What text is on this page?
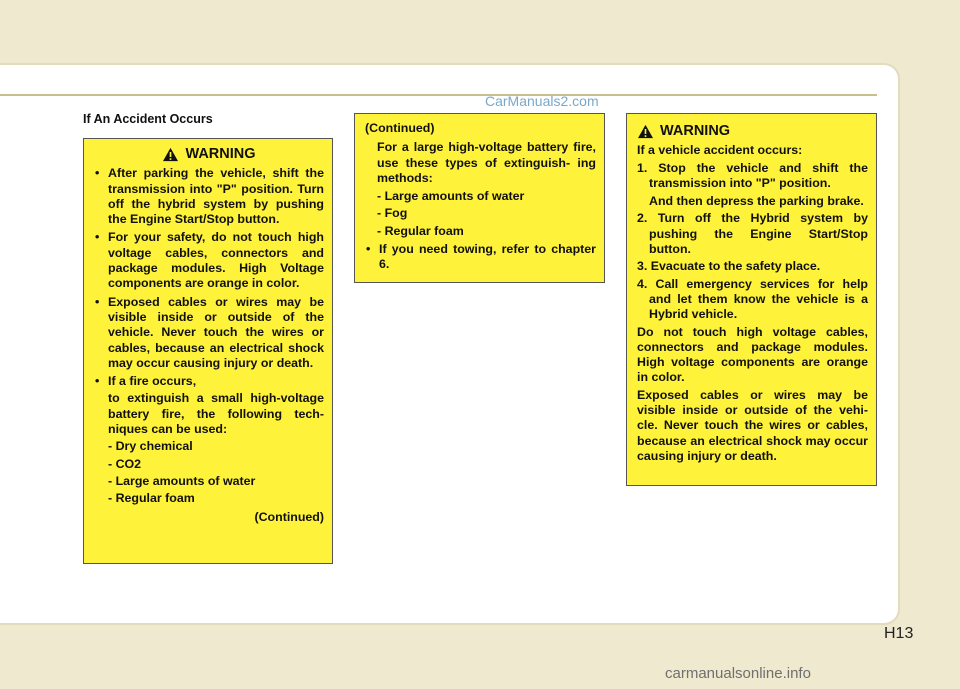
CarManuals2.com
If An Accident Occurs
WARNING
• After parking the vehicle, shift the transmission into "P" position. Turn off the hybrid system by pushing the Engine Start/Stop button.
• For your safety, do not touch high voltage cables, connectors and package modules. High Voltage components are orange in color.
• Exposed cables or wires may be visible inside or outside of the vehicle. Never touch the wires or cables, because an electrical shock may occur causing injury or death.
• If a fire occurs,
to extinguish a small high-voltage battery fire, the following tech- niques can be used:
- Dry chemical
- CO2
- Large amounts of water
- Regular foam
(Continued)
(Continued)
For a large high-voltage battery fire, use these types of extinguish- ing methods:
- Large amounts of water
- Fog
- Regular foam
• If you need towing, refer to chapter 6.
WARNING
If a vehicle accident occurs:
1. Stop the vehicle and shift the transmission into "P" position.
And then depress the parking brake.
2. Turn off the Hybrid system by pushing the Engine Start/Stop button.
3. Evacuate to the safety place.
4. Call emergency services for help and let them know the vehicle is a Hybrid vehicle.
Do not touch high voltage cables, connectors and package modules. High voltage components are orange in color.
Exposed cables or wires may be visible inside or outside of the vehi- cle. Never touch the wires or cables, because an electrical shock may occur causing injury or death.
H13
carmanualsonline.info
